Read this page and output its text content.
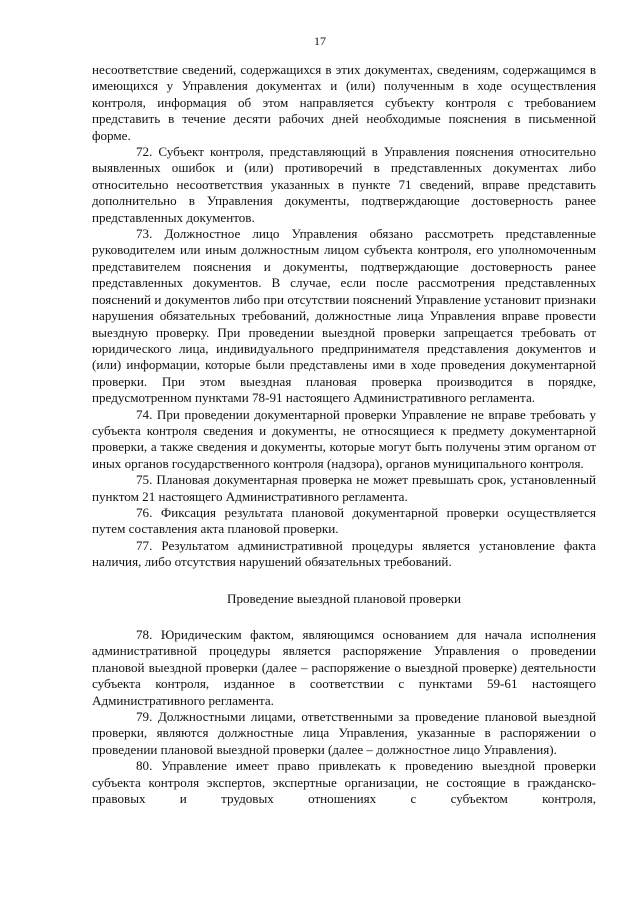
17

несоответствие сведений, содержащихся в этих документах, сведениям, содержащимся в имеющихся у Управления документах и (или) полученным в ходе осуществления контроля, информация об этом направляется субъекту контроля с требованием представить в течение десяти рабочих дней необходимые пояснения в письменной форме.

72. Субъект контроля, представляющий в Управления пояснения относительно выявленных ошибок и (или) противоречий в представленных документах либо относительно несоответствия указанных в пункте 71 сведений, вправе представить дополнительно в Управления документы, подтверждающие достоверность ранее представленных документов.

73. Должностное лицо Управления обязано рассмотреть представленные руководителем или иным должностным лицом субъекта контроля, его уполномоченным представителем пояснения и документы, подтверждающие достоверность ранее представленных документов. В случае, если после рассмотрения представленных пояснений и документов либо при отсутствии пояснений Управление установит признаки нарушения обязательных требований, должностные лица Управления вправе провести выездную проверку. При проведении выездной проверки запрещается требовать от юридического лица, индивидуального предпринимателя представления документов и (или) информации, которые были представлены ими в ходе проведения документарной проверки. При этом выездная плановая проверка производится в порядке, предусмотренном пунктами 78-91 настоящего Административного регламента.

74. При проведении документарной проверки Управление не вправе требовать у субъекта контроля сведения и документы, не относящиеся к предмету документарной проверки, а также сведения и документы, которые могут быть получены этим органом от иных органов государственного контроля (надзора), органов муниципального контроля.

75. Плановая документарная проверка не может превышать срок, установленный пунктом 21 настоящего Административного регламента.

76. Фиксация результата плановой документарной проверки осуществляется путем составления акта плановой проверки.

77. Результатом административной процедуры является установление факта наличия, либо отсутствия нарушений обязательных требований.

Проведение выездной плановой проверки

78. Юридическим фактом, являющимся основанием для начала исполнения административной процедуры является распоряжение Управления о проведении плановой выездной проверки (далее – распоряжение о выездной проверке) деятельности субъекта контроля, изданное в соответствии с пунктами 59-61 настоящего Административного регламента.

79. Должностными лицами, ответственными за проведение плановой выездной проверки, являются должностные лица Управления, указанные в распоряжении о проведении плановой выездной проверки (далее – должностное лицо Управления).

80. Управление имеет право привлекать к проведению выездной проверки субъекта контроля экспертов, экспертные организации, не состоящие в гражданско-правовых и трудовых отношениях с субъектом контроля,
